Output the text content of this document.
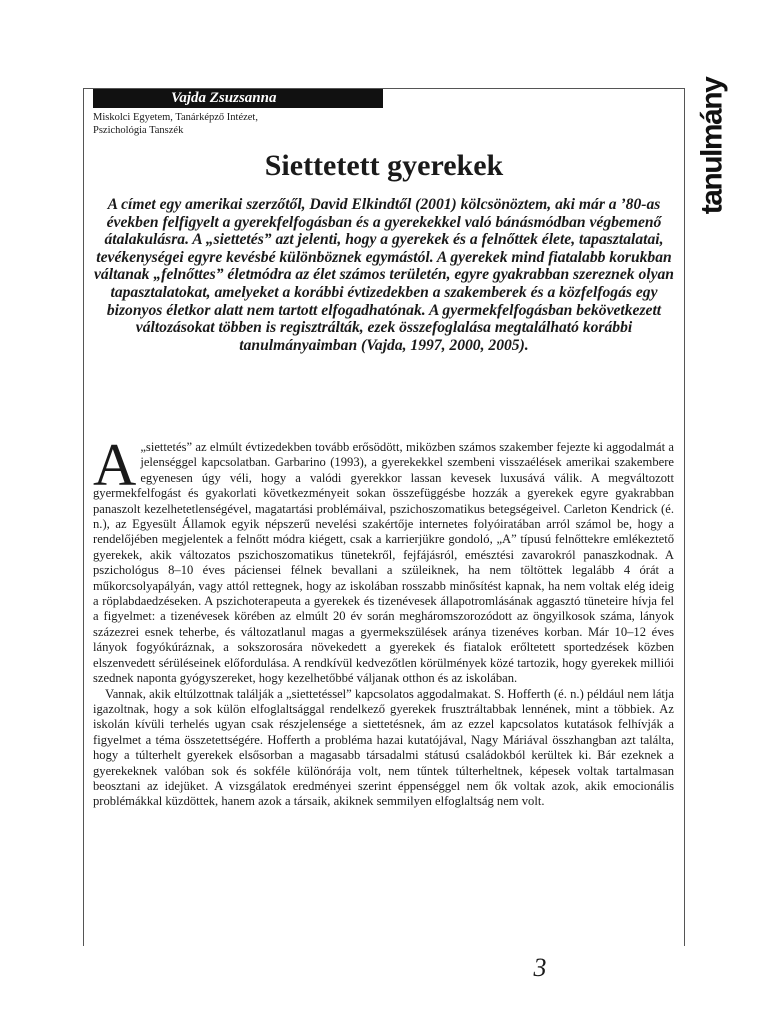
tanulmány
Vajda Zsuzsanna
Miskolci Egyetem, Tanárképző Intézet,
Pszichológia Tanszék
Siettetett gyerekek

A címet egy amerikai szerzőtől, David Elkindtől (2001) kölcsönöztem, aki már a ’80-as években felfigyelt a gyerekfelfogásban és a gyerekekkel való bánásmódban végbemenő átalakulásra. A „siettetés” azt jelenti, hogy a gyerekek és a felnőttek élete, tapasztalatai, tevékenységei egyre kevésbé különböznek egymástól. A gyerekek mind fiatalabb korukban váltanak „felnőttes” életmódra az élet számos területén, egyre gyakrabban szereznek olyan tapasztalatokat, amelyeket a korábbi évtizedekben a szakemberek és a közfelfogás egy bizonyos életkor alatt nem tartott elfogadhatónak. A gyermekfelfogásban bekövetkezett változásokat többen is regisztrálták, ezek összefoglalása megtalálható korábbi tanulmányaimban (Vajda, 1997, 2000, 2005).

A „siettetés” az elmúlt évtizedekben tovább erősödött, miközben számos szakember fejezte ki aggodalmát a jelenséggel kapcsolatban. Garbarino (1993), a gyerekekkel szembeni visszaélések amerikai szakembere egyenesen úgy véli, hogy a valódi gyerekkor lassan kevesek luxusává válik. A megváltozott gyermekfelfogást és gyakorlati következményeit sokan összefüggésbe hozzák a gyerekek egyre gyakrabban panaszolt kezelhetetlenségével, magatartási problémáival, pszichoszomatikus betegségeivel. Carleton Kendrick (é. n.), az Egyesült Államok egyik népszerű nevelési szakértője internetes folyóiratában arról számol be, hogy a rendelőjében megjelentek a felnőtt módra kiégett, csak a karrierjükre gondoló, „A” típusú felnőttekre emlékeztető gyerekek, akik változatos pszichoszomatikus tünetekről, fejfájásról, emésztési zavarokról panaszkodnak. A pszichológus 8–10 éves páciensei félnek bevallani a szüleiknek, ha nem töltöttek legalább 4 órát a műkorcsolyapályán, vagy attól rettegnek, hogy az iskolában rosszabb minősítést kapnak, ha nem voltak elég ideig a röplabdaedzéseken. A pszichoterapeuta a gyerekek és tizenévesek állapotromlásának aggasztó tüneteire hívja fel a figyelmet: a tizenévesek körében az elmúlt 20 év során megháromszorozódott az öngyilkosok száma, lányok százezrei esnek teherbe, és változatlanul magas a gyermekszülések aránya tizenéves korban. Már 10–12 éves lányok fogyókúráznak, a sokszorosára növekedett a gyerekek és fiatalok erőltetett sportedzések közben elszenvedett sérüléseinek előfordulása. A rendkívül kedvezőtlen körülmények közé tartozik, hogy gyerekek milliói szednek naponta gyógyszereket, hogy kezelhetőbbé váljanak otthon és az iskolában.

Vannak, akik eltúlzottnak találják a „siettetéssel” kapcsolatos aggodalmakat. S. Hofferth (é. n.) például nem látja igazoltnak, hogy a sok külön elfoglaltsággal rendelkező gyerekek frusztráltabbak lennének, mint a többiek. Az iskolán kívüli terhelés ugyan csak részjelensége a siettetésnek, ám az ezzel kapcsolatos kutatások felhívják a figyelmet a téma összetettségére. Hofferth a probléma hazai kutatójával, Nagy Máriával összhangban azt találta, hogy a túlterhelt gyerekek elsősorban a magasabb társadalmi státusú családokból kerültek ki. Bár ezeknek a gyerekeknek valóban sok és sokféle különórája volt, nem tűntek túlterheltnek, képesek voltak tartalmasan beosztani az idejüket. A vizsgálatok eredményei szerint éppenséggel nem ők voltak azok, akik emocionális problémákkal küzdöttek, hanem azok a társaik, akiknek semmilyen elfoglaltság nem volt.

3
